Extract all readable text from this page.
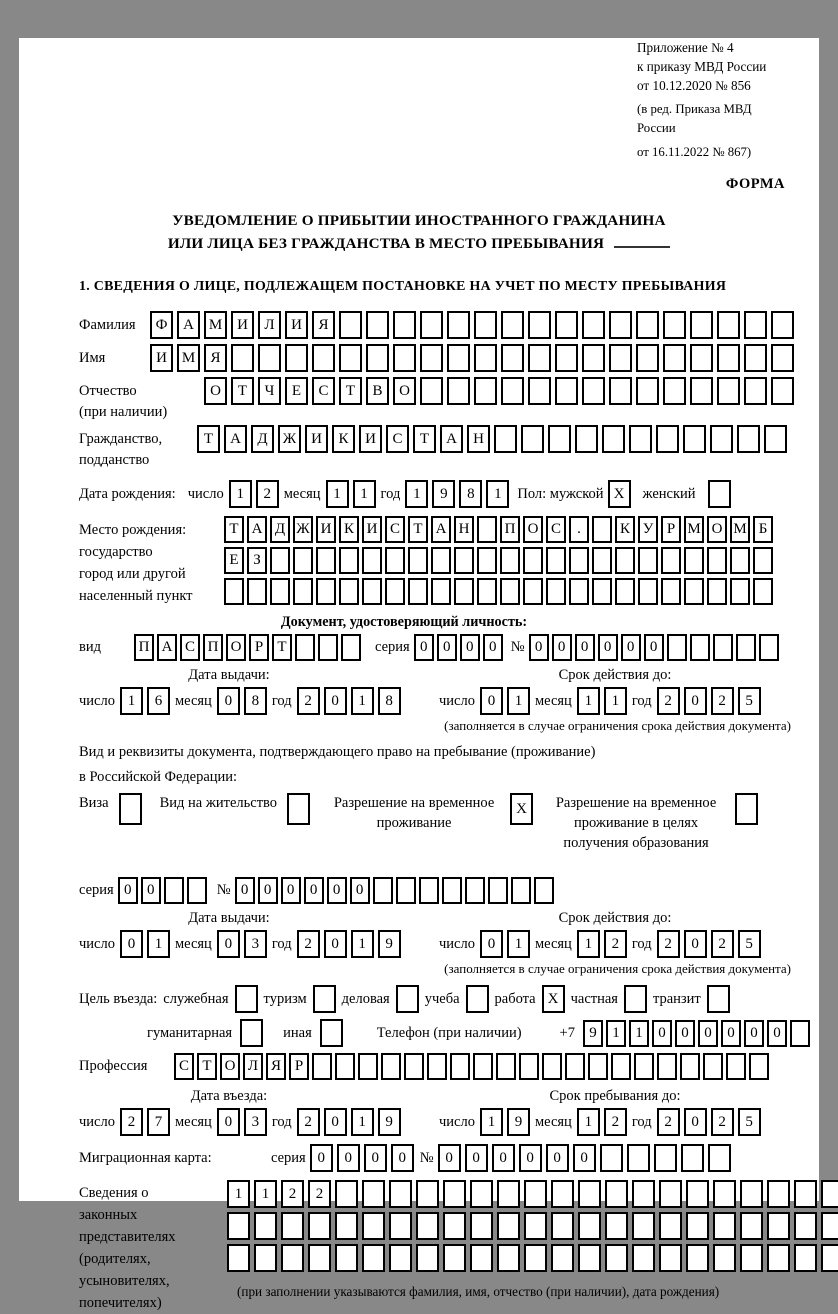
Приложение № 4
к приказу МВД России
от 10.12.2020 № 856
(в ред. Приказа МВД России
от 16.11.2022 № 867)
ФОРМА
УВЕДОМЛЕНИЕ О ПРИБЫТИИ ИНОСТРАННОГО ГРАЖДАНИНА
ИЛИ ЛИЦА БЕЗ ГРАЖДАНСТВА В МЕСТО ПРЕБЫВАНИЯ
1. СВЕДЕНИЯ О ЛИЦЕ, ПОДЛЕЖАЩЕМ ПОСТАНОВКЕ НА УЧЕТ ПО МЕСТУ ПРЕБЫВАНИЯ
Фамилия	Ф	А М И	Л	И	Я
Имя	И М	Я
Отчество
(при наличии)
О	Т	Ч	Е	С	Т	В	О
Гражданство,
подданство
Т	А	Д	Ж И	К	И	С	Т	А	Н
Дата рождения: число 1	2 месяц 1	1 год 1	9	8	1	Пол: мужской X	женский
Место рождения:
государство
город или другой
населенный пункт
Т А Д Ж И К И С Т А Н	П О С	.	К У Р М О М Б
Е З
Документ, удостоверяющий личность:
вид	П А С П О Р Т	серия 0	0	0	0 № 0	0	0	0	0	0
Дата выдачи:
число 1	6 месяц 0	8 год 2	0	1	8
Срок действия до:
число 0	1 месяц 1	1 год 2	0	2	5
(заполняется в случае ограничения срока действия документа)
Вид и реквизиты документа, подтверждающего право на пребывание (проживание)
в Российской Федерации:
Виза	Вид на жительство	Разрешение на временное проживание
X	Разрешение на временное проживание в целях получения образования
серия 0	0	№ 0	0	0	0	0	0
Дата выдачи:
число 0	1 месяц 0	3 год 2	0	1	9
Срок действия до:
число 0	1 месяц 1	2 год 2	0	2	5
(заполняется в случае ограничения срока действия документа)
Цель въезда: служебная туризм деловая учеба работа X частная транзит
гуманитарная	иная	Телефон (при наличии)	+7 9	1	1	0	0	0	0	0	0
Профессия	С Т О Л Я Р
Дата въезда:
число 2	7 месяц 0	3 год 2	0	1	9
Срок пребывания до:
число 1	9 месяц 1	2 год 2	0	2	5
Миграционная карта:	серия 0	0	0	0 № 0	0	0	0	0	0
Сведения о
законных
представителях
(родителях,
усыновителях,
попечителях)
1	1	2	2
(при заполнении указываются фамилия, имя, отчество (при наличии), дата рождения)
